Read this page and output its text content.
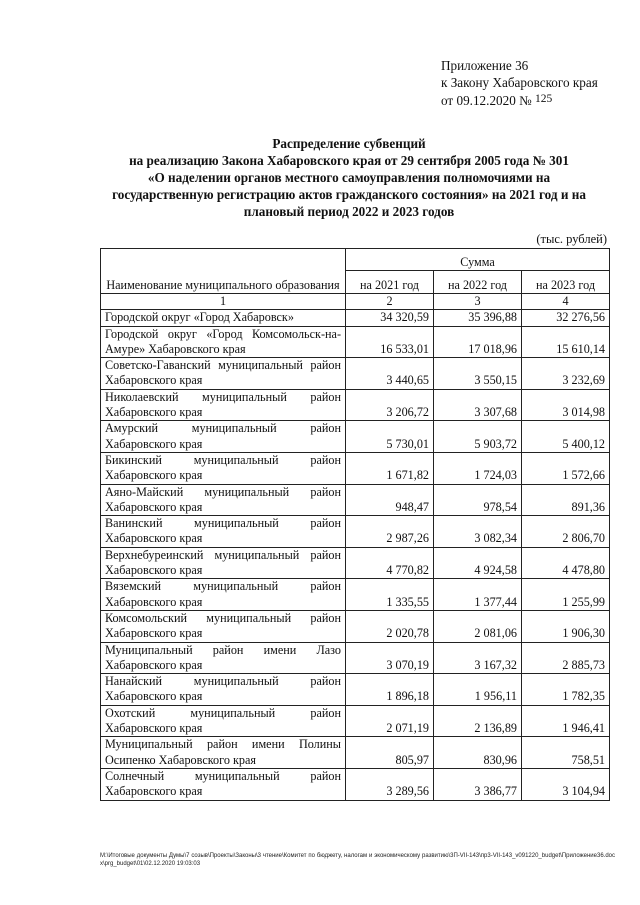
Приложение 36
к Закону Хабаровского края
от 09.12.2020 № 125
Распределение субвенций
на реализацию Закона Хабаровского края от 29 сентября 2005 года № 301
«О наделении органов местного самоуправления полномочиями на
государственную регистрацию актов гражданского состояния» на 2021 год и на
плановый период 2022 и 2023 годов
(тыс. рублей)
Наименование муниципального образования	Сумма		
	на 2021 год	на 2022 год	на 2023 год
1	2	3	4
Городской округ «Город Хабаровск»	34 320,59	35 396,88	32 276,56
Городской округ «Город Комсомольск-на-Амуре» Хабаровского края	16 533,01	17 018,96	15 610,14
Советско-Гаванский муниципальный район Хабаровского края	3 440,65	3 550,15	3 232,69
Николаевский муниципальный район Хабаровского края	3 206,72	3 307,68	3 014,98
Амурский муниципальный район Хабаровского края	5 730,01	5 903,72	5 400,12
Бикинский муниципальный район Хабаровского края	1 671,82	1 724,03	1 572,66
Аяно-Майский муниципальный район Хабаровского края	948,47	978,54	891,36
Ванинский муниципальный район Хабаровского края	2 987,26	3 082,34	2 806,70
Верхнебуреинский муниципальный район Хабаровского края	4 770,82	4 924,58	4 478,80
Вяземский муниципальный район Хабаровского края	1 335,55	1 377,44	1 255,99
Комсомольский муниципальный район Хабаровского края	2 020,78	2 081,06	1 906,30
Муниципальный район имени Лазо Хабаровского края	3 070,19	3 167,32	2 885,73
Нанайский муниципальный район Хабаровского края	1 896,18	1 956,11	1 782,35
Охотский муниципальный район Хабаровского края	2 071,19	2 136,89	1 946,41
Муниципальный район имени Полины Осипенко Хабаровского края	805,97	830,96	758,51
Солнечный муниципальный район Хабаровского края	3 289,56	3 386,77	3 104,94
M:\Итоговые документы Думы\7 созыв\Проекты\Законы\3 чтение\Комитет по бюджету, налогам и экономическому развитию\3П-VII-143\пр3-VII-143_v091220_budget\Приложение36.docx\prg_budget\01\02.12.2020 19:03:03
